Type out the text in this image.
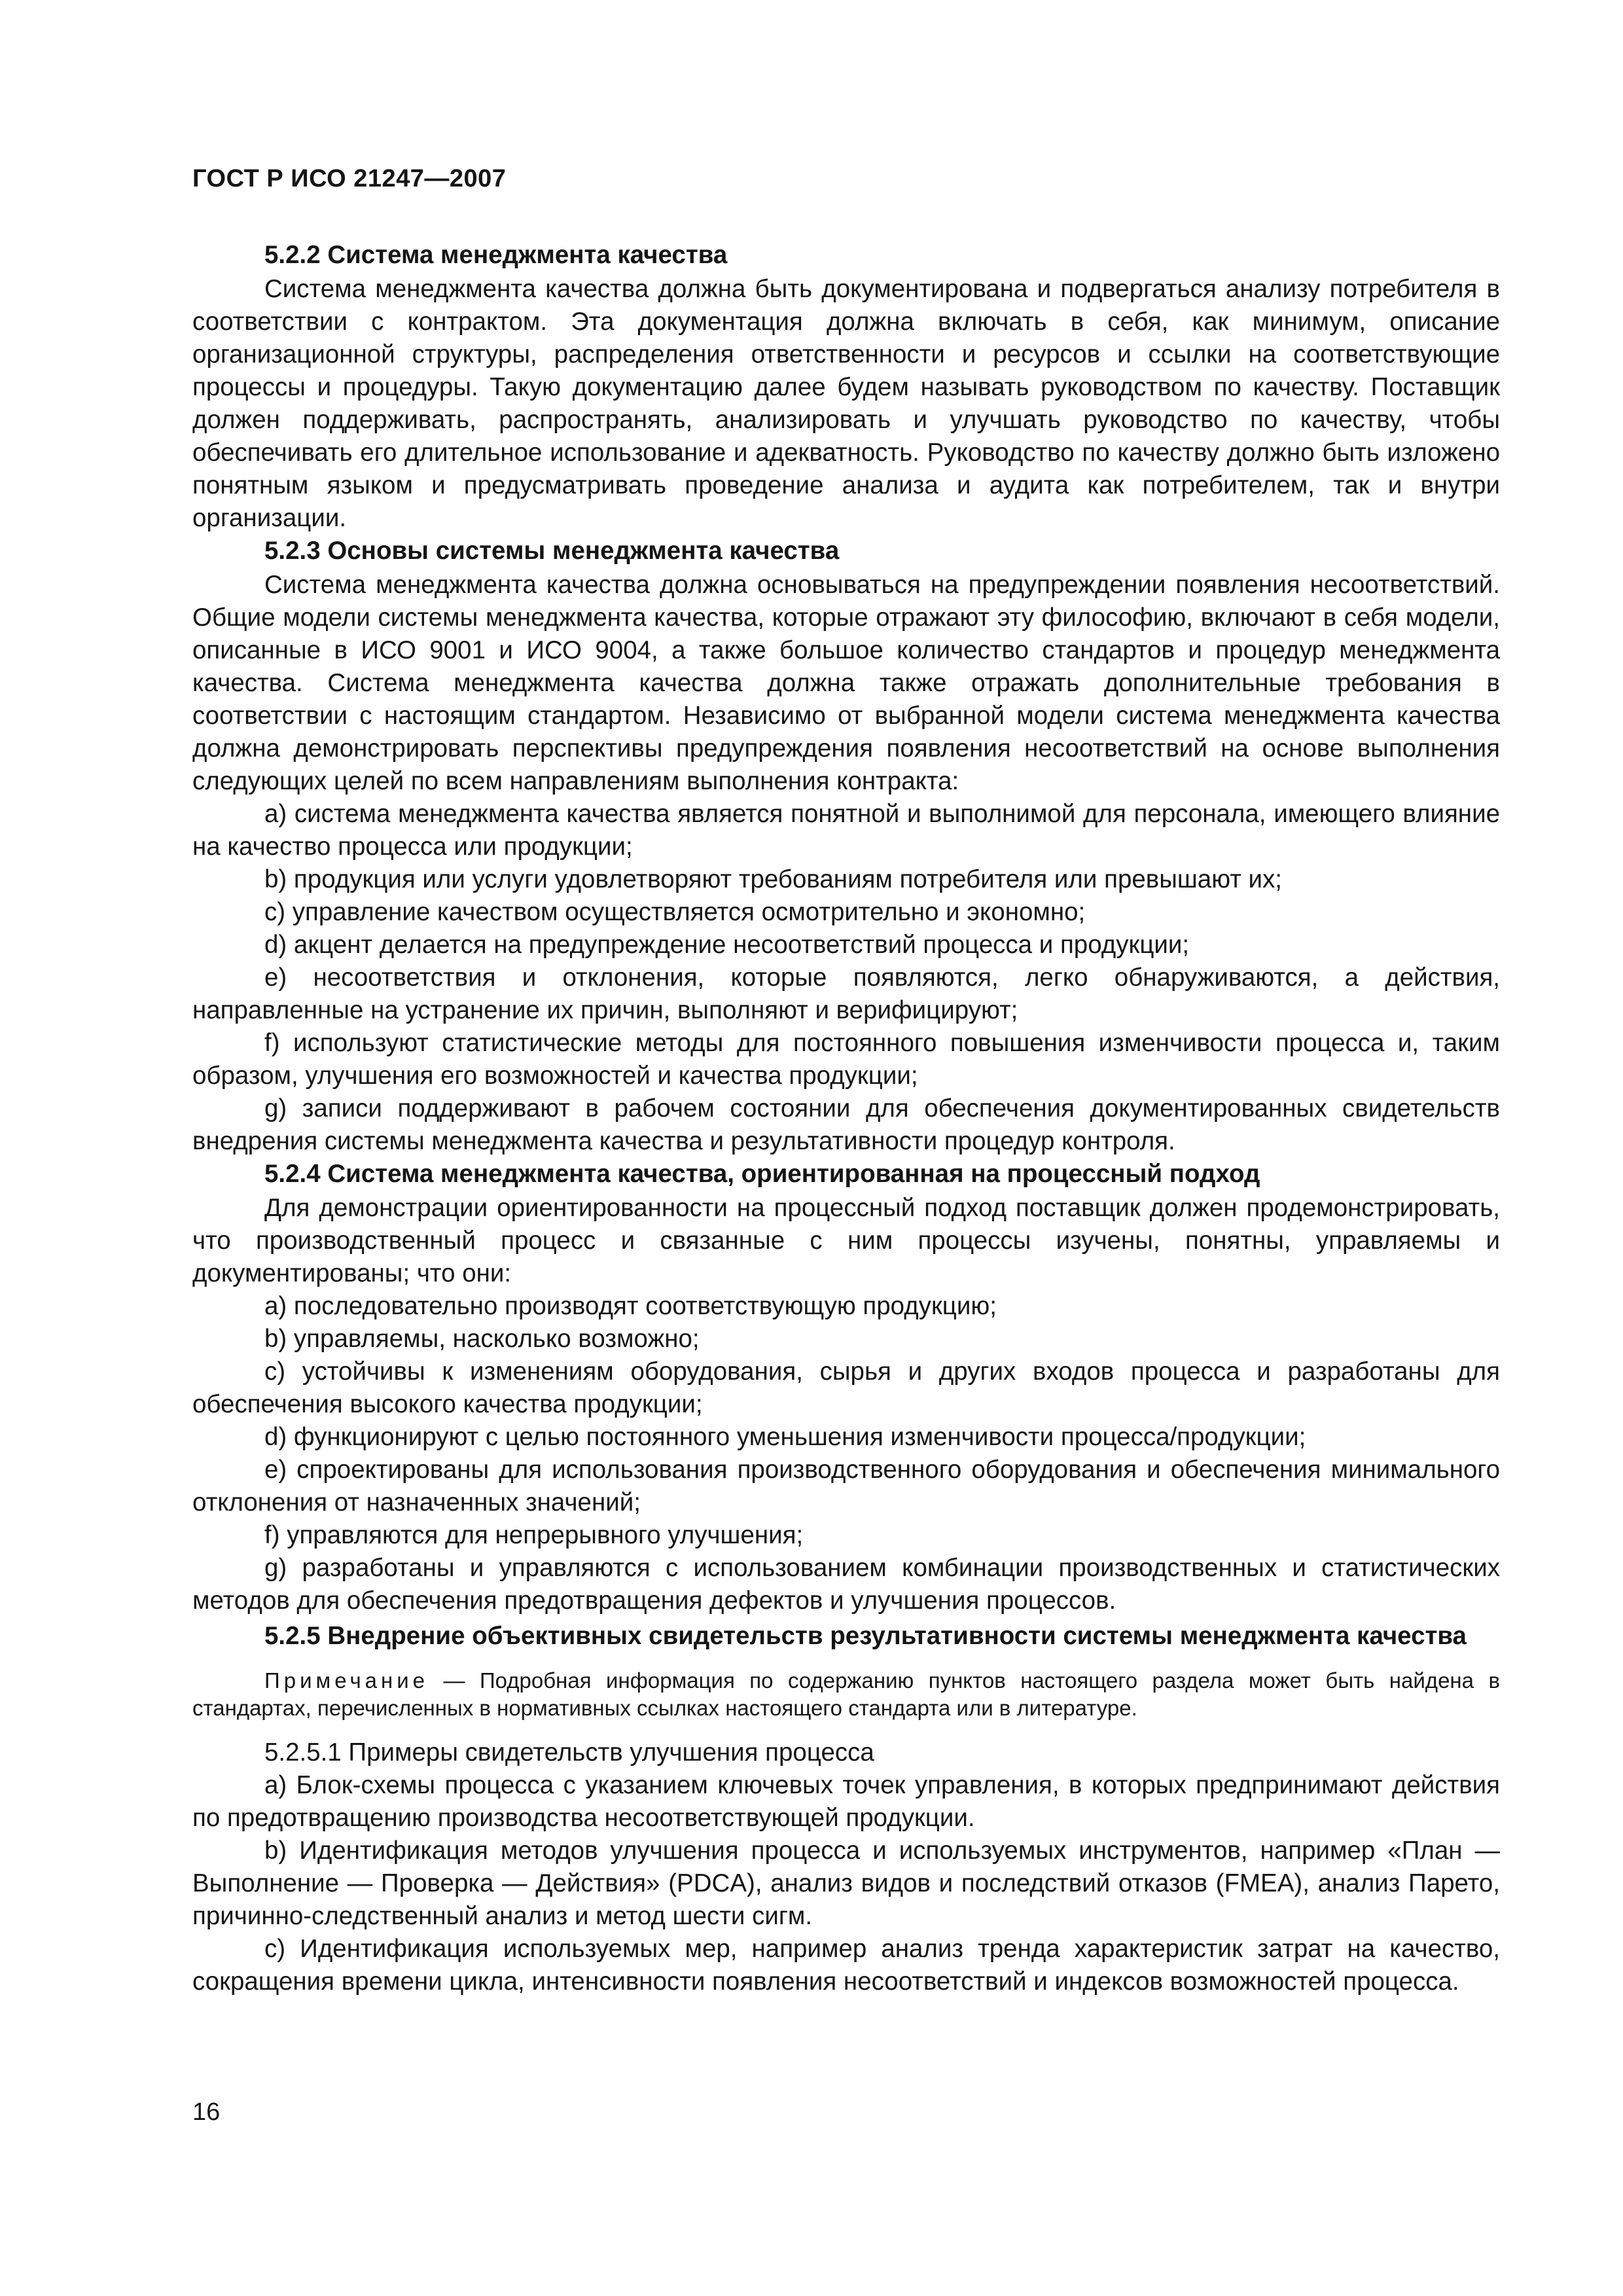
ГОСТ Р ИСО 21247—2007

5.2.2 Система менеджмента качества

Система менеджмента качества должна быть документирована и подвергаться анализу потребителя в соответствии с контрактом. Эта документация должна включать в себя, как минимум, описание организационной структуры, распределения ответственности и ресурсов и ссылки на соответствующие процессы и процедуры. Такую документацию далее будем называть руководством по качеству. Поставщик должен поддерживать, распространять, анализировать и улучшать руководство по качеству, чтобы обеспечивать его длительное использование и адекватность. Руководство по качеству должно быть изложено понятным языком и предусматривать проведение анализа и аудита как потребителем, так и внутри организации.

5.2.3 Основы системы менеджмента качества

Система менеджмента качества должна основываться на предупреждении появления несоответствий. Общие модели системы менеджмента качества, которые отражают эту философию, включают в себя модели, описанные в ИСО 9001 и ИСО 9004, а также большое количество стандартов и процедур менеджмента качества. Система менеджмента качества должна также отражать дополнительные требования в соответствии с настоящим стандартом. Независимо от выбранной модели система менеджмента качества должна демонстрировать перспективы предупреждения появления несоответствий на основе выполнения следующих целей по всем направлениям выполнения контракта:

a) система менеджмента качества является понятной и выполнимой для персонала, имеющего влияние на качество процесса или продукции;

b) продукция или услуги удовлетворяют требованиям потребителя или превышают их;

c) управление качеством осуществляется осмотрительно и экономно;

d) акцент делается на предупреждение несоответствий процесса и продукции;

e) несоответствия и отклонения, которые появляются, легко обнаруживаются, а действия, направленные на устранение их причин, выполняют и верифицируют;

f) используют статистические методы для постоянного повышения изменчивости процесса и, таким образом, улучшения его возможностей и качества продукции;

g) записи поддерживают в рабочем состоянии для обеспечения документированных свидетельств внедрения системы менеджмента качества и результативности процедур контроля.

5.2.4 Система менеджмента качества, ориентированная на процессный подход

Для демонстрации ориентированности на процессный подход поставщик должен продемонстрировать, что производственный процесс и связанные с ним процессы изучены, понятны, управляемы и документированы; что они:

a) последовательно производят соответствующую продукцию;

b) управляемы, насколько возможно;

c) устойчивы к изменениям оборудования, сырья и других входов процесса и разработаны для обеспечения высокого качества продукции;

d) функционируют с целью постоянного уменьшения изменчивости процесса/продукции;

e) спроектированы для использования производственного оборудования и обеспечения минимального отклонения от назначенных значений;

f) управляются для непрерывного улучшения;

g) разработаны и управляются с использованием комбинации производственных и статистических методов для обеспечения предотвращения дефектов и улучшения процессов.

5.2.5 Внедрение объективных свидетельств результативности системы менеджмента качества

Примечание — Подробная информация по содержанию пунктов настоящего раздела может быть найдена в стандартах, перечисленных в нормативных ссылках настоящего стандарта или в литературе.

5.2.5.1 Примеры свидетельств улучшения процесса

a) Блок-схемы процесса с указанием ключевых точек управления, в которых предпринимают действия по предотвращению производства несоответствующей продукции.

b) Идентификация методов улучшения процесса и используемых инструментов, например «План — Выполнение — Проверка — Действия» (PDCA), анализ видов и последствий отказов (FMEA), анализ Парето, причинно-следственный анализ и метод шести сигм.

c) Идентификация используемых мер, например анализ тренда характеристик затрат на качество, сокращения времени цикла, интенсивности появления несоответствий и индексов возможностей процесса.

16
